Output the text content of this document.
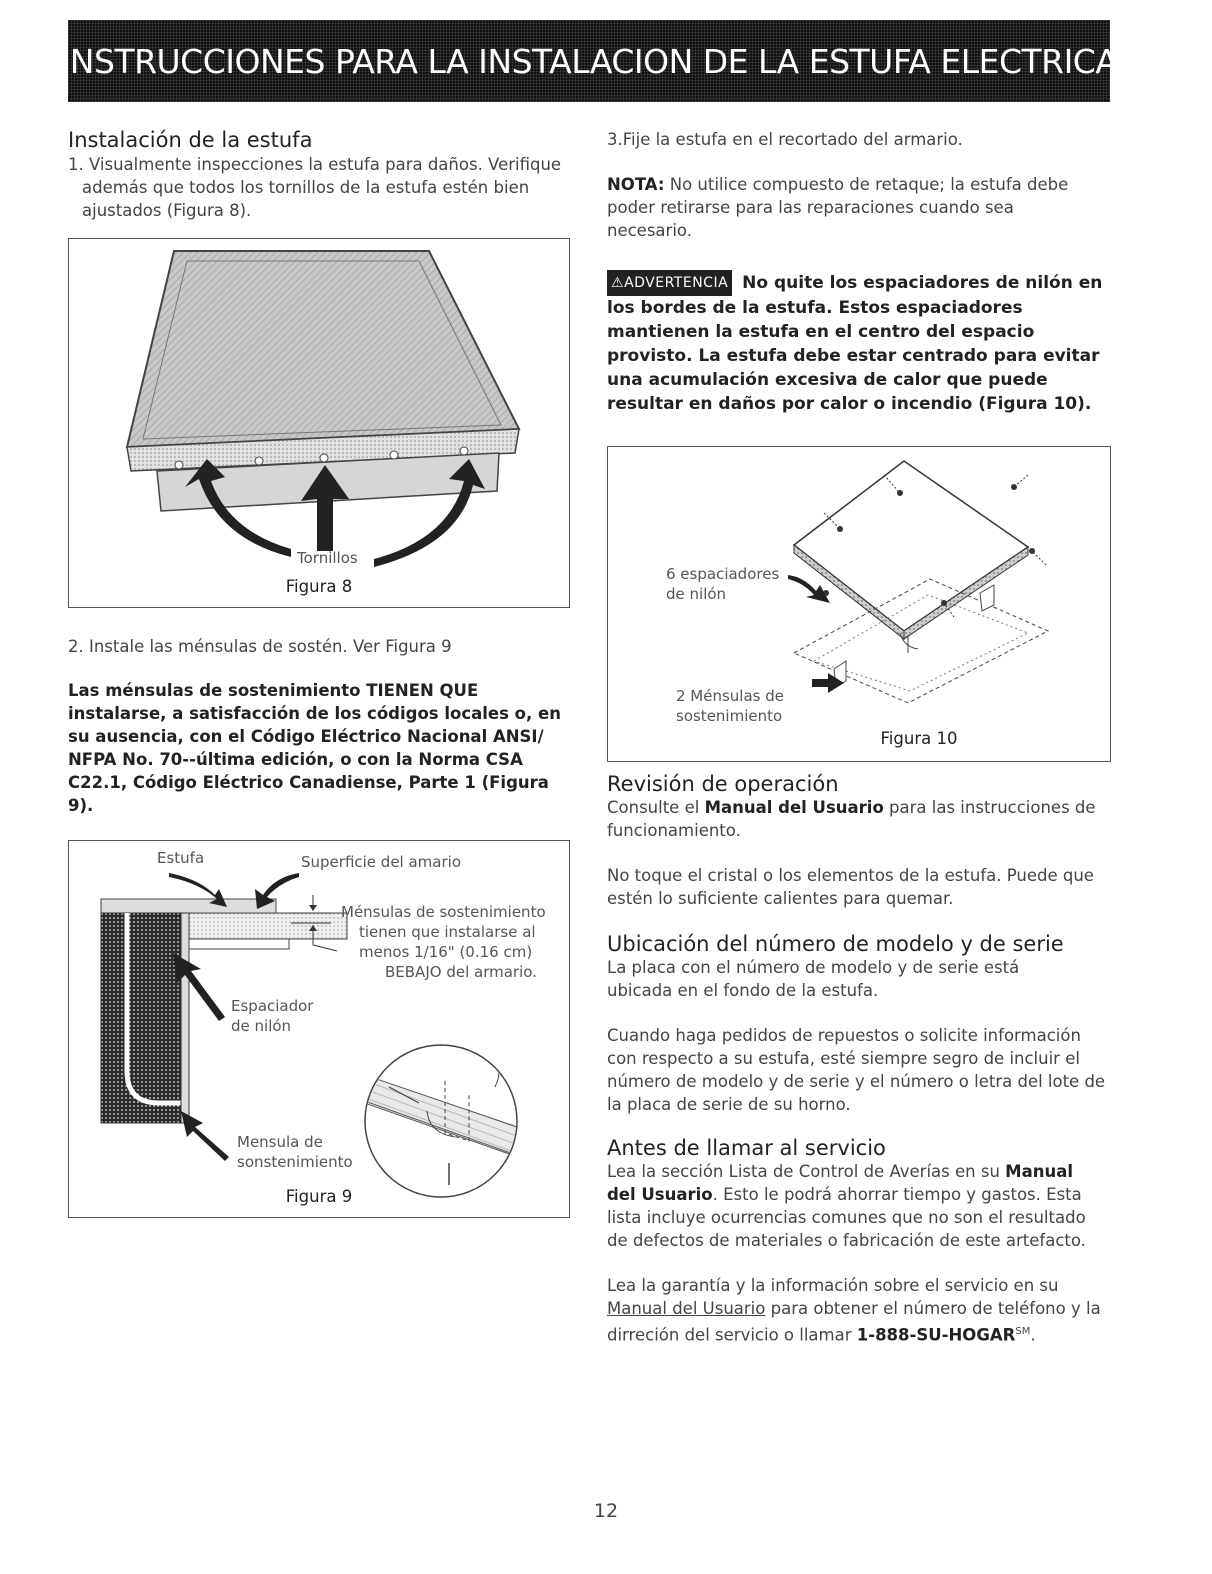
INSTRUCCIONES PARA LA INSTALACION DE LA ESTUFA ELECTRICA
Instalación de la estufa

1. Visualmente inspecciones la estufa para daños. Verifique además que todos los tornillos de la estufa estén bien ajustados (Figura 8).

Tornillos
Figura 8

2. Instale las ménsulas de sostén. Ver Figura 9

Las ménsulas de sostenimiento TIENEN QUE instalarse, a satisfacción de los códigos locales o, en su ausencia, con el Código Eléctrico Nacional ANSI/ NFPA No. 70--última edición, o con la Norma CSA C22.1, Código Eléctrico Canadiense, Parte 1 (Figura 9).

Estufa	Superficie del amario
Ménsulas de sostenimiento
tienen que instalarse al
menos 1/16" (0.16 cm)
BEBAJO del armario.
Espaciador
de nilón
Mensula de
sonstenimiento
Figura 9

3.Fije la estufa en el recortado del armario.

NOTA: No utilice compuesto de retaque; la estufa debe poder retirarse para las reparaciones cuando sea necesario.

⚠︎ADVERTENCIA No quite los espaciadores de nilón en los bordes de la estufa. Estos espaciadores mantienen la estufa en el centro del espacio provisto. La estufa debe estar centrado para evitar una acumulación excesiva de calor que puede resultar en daños por calor o incendio (Figura 10).

6 espaciadores
de nilón
2 Ménsulas de
sostenimiento
Figura 10
Revisión de operación

Consulte el Manual del Usuario para las instrucciones de funcionamiento.

No toque el cristal o los elementos de la estufa. Puede que estén lo suficiente calientes para quemar.

Ubicación del número de modelo y de serie

La placa con el número de modelo y de serie está ubicada en el fondo de la estufa.

Cuando haga pedidos de repuestos o solicite información con respecto a su estufa, esté siempre segro de incluir el número de modelo y de serie y el número o letra del lote de la placa de serie de su horno.

Antes de llamar al servicio

Lea la sección Lista de Control de Averías en su Manual del Usuario. Esto le podrá ahorrar tiempo y gastos. Esta lista incluye ocurrencias comunes que no son el resultado de defectos de materiales o fabricación de este artefacto.

Lea la garantía y la información sobre el servicio en su Manual del Usuario para obtener el número de teléfono y la dirreción del servicio o llamar 1-888-SU-HOGAR℠.

12
